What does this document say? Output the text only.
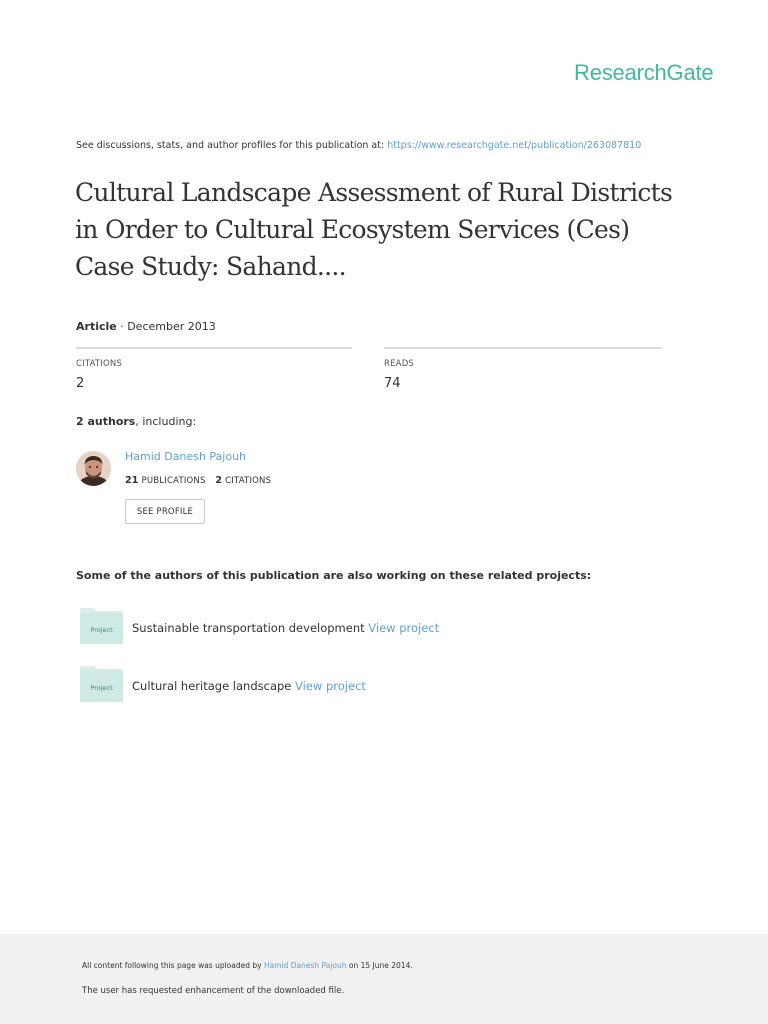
ResearchGate
See discussions, stats, and author profiles for this publication at: https://www.researchgate.net/publication/263087810
Cultural Landscape Assessment of Rural Districts
in Order to Cultural Ecosystem Services (Ces)
Case Study: Sahand....
Article · December 2013
CITATIONS
2
READS
74
2 authors, including:
Hamid Danesh Pajouh
21 PUBLICATIONS 2 CITATIONS
SEE PROFILE
Some of the authors of this publication are also working on these related projects:
Project Sustainable transportation development View project
Project Cultural heritage landscape View project
All content following this page was uploaded by Hamid Danesh Pajouh on 15 June 2014.
The user has requested enhancement of the downloaded file.
